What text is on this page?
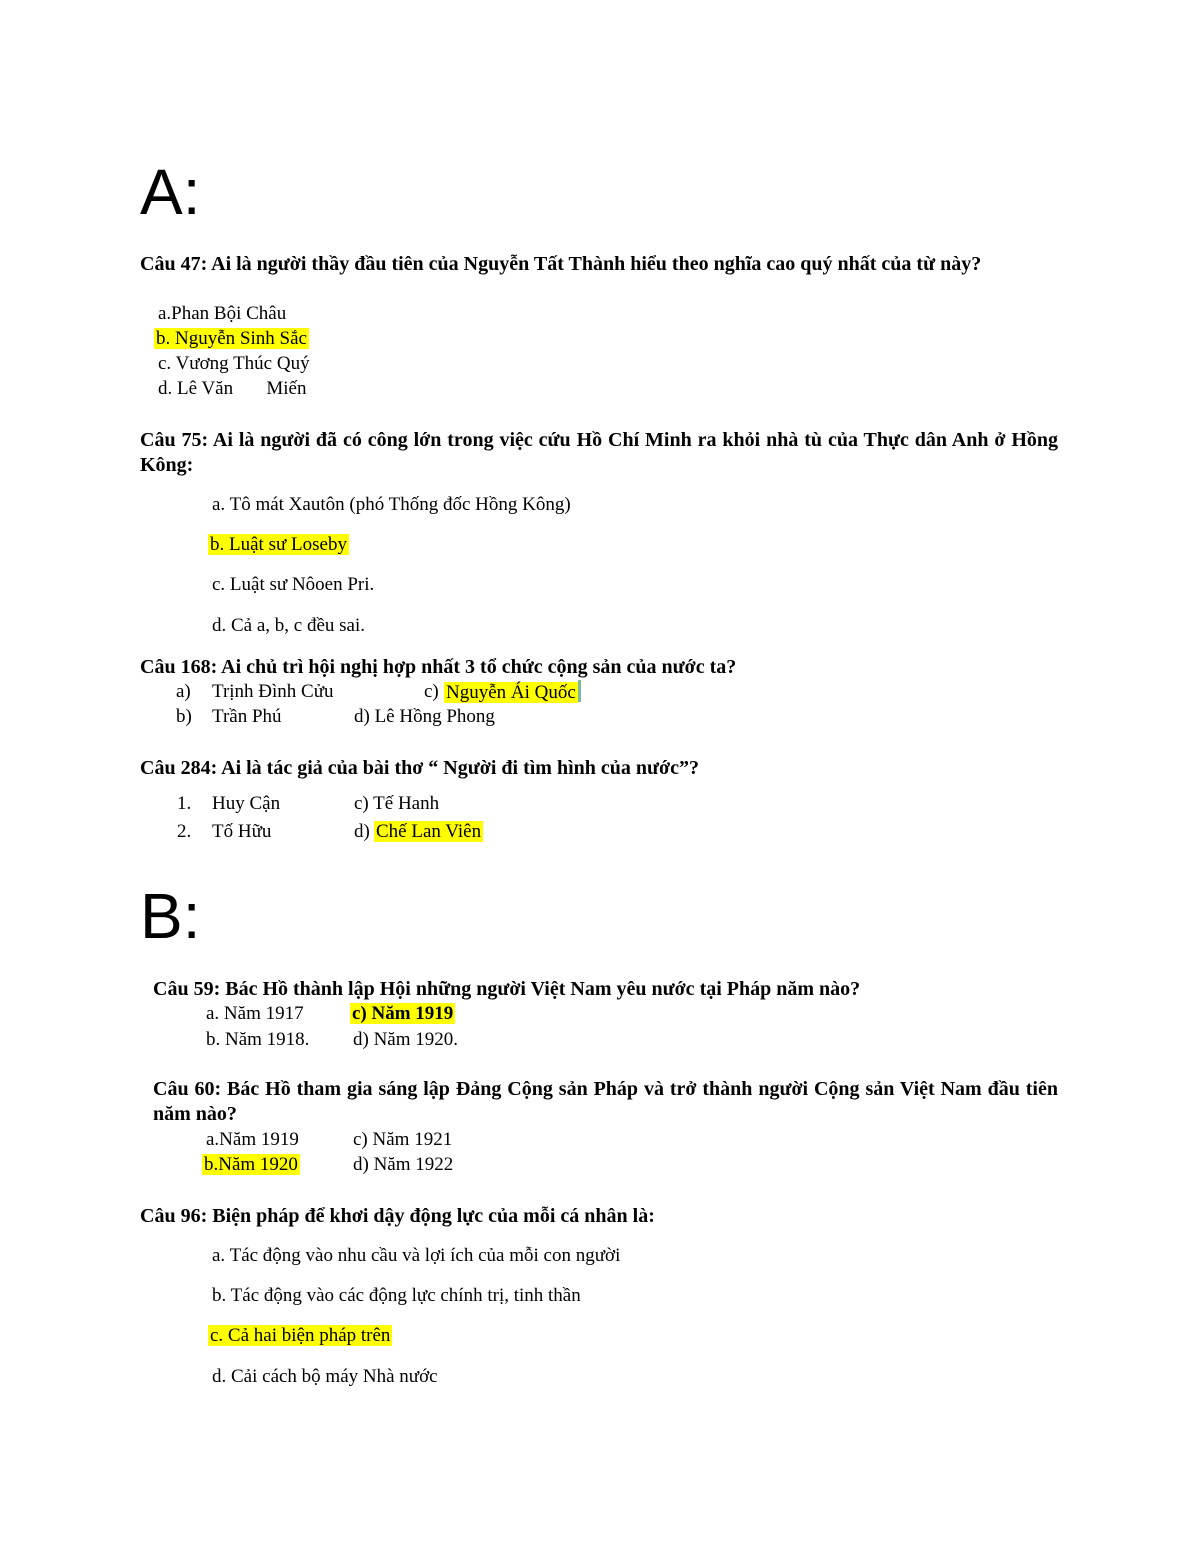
A:
Câu 47: Ai là người thầy đầu tiên của Nguyễn Tất Thành hiểu theo nghĩa cao quý nhất của từ này?
a.Phan Bội Châu
b. Nguyễn Sinh Sắc
c. Vương Thúc Quý
d. Lê Văn       Miến
Câu 75: Ai là người đã có công lớn trong việc cứu Hồ Chí Minh ra khỏi nhà tù của Thực dân Anh ở Hồng Kông:
a. Tô mát Xautôn (phó Thống đốc Hồng Kông)
b. Luật sư Loseby
c. Luật sư Nôoen Pri.
d. Cả a, b, c đều sai.
Câu 168: Ai chủ trì hội nghị hợp nhất 3 tổ chức cộng sản của nước ta?
a) Trịnh Đình Cửu	c) Nguyễn Ái Quốc
b) Trần Phú	d) Lê Hồng Phong
Câu 284: Ai là tác giả của bài thơ “ Người đi tìm hình của nước”?
1. Huy Cận	c) Tế Hanh
2. Tố Hữu	d) Chế Lan Viên
B:
Câu 59: Bác Hồ thành lập Hội những người Việt Nam yêu nước tại Pháp năm nào?
a. Năm 1917	c) Năm 1919
b. Năm 1918. d) Năm 1920.
Câu 60: Bác Hồ tham gia sáng lập Đảng Cộng sản Pháp và trở thành người Cộng sản Việt Nam đầu tiên năm nào?
a.Năm 1919	c) Năm 1921
b.Năm 1920	d) Năm 1922
Câu 96: Biện pháp để khơi dậy động lực của mỗi cá nhân là:
a. Tác động vào nhu cầu và lợi ích của mỗi con người
b. Tác động vào các động lực chính trị, tinh thần
c. Cả hai biện pháp trên
d. Cải cách bộ máy Nhà nước
